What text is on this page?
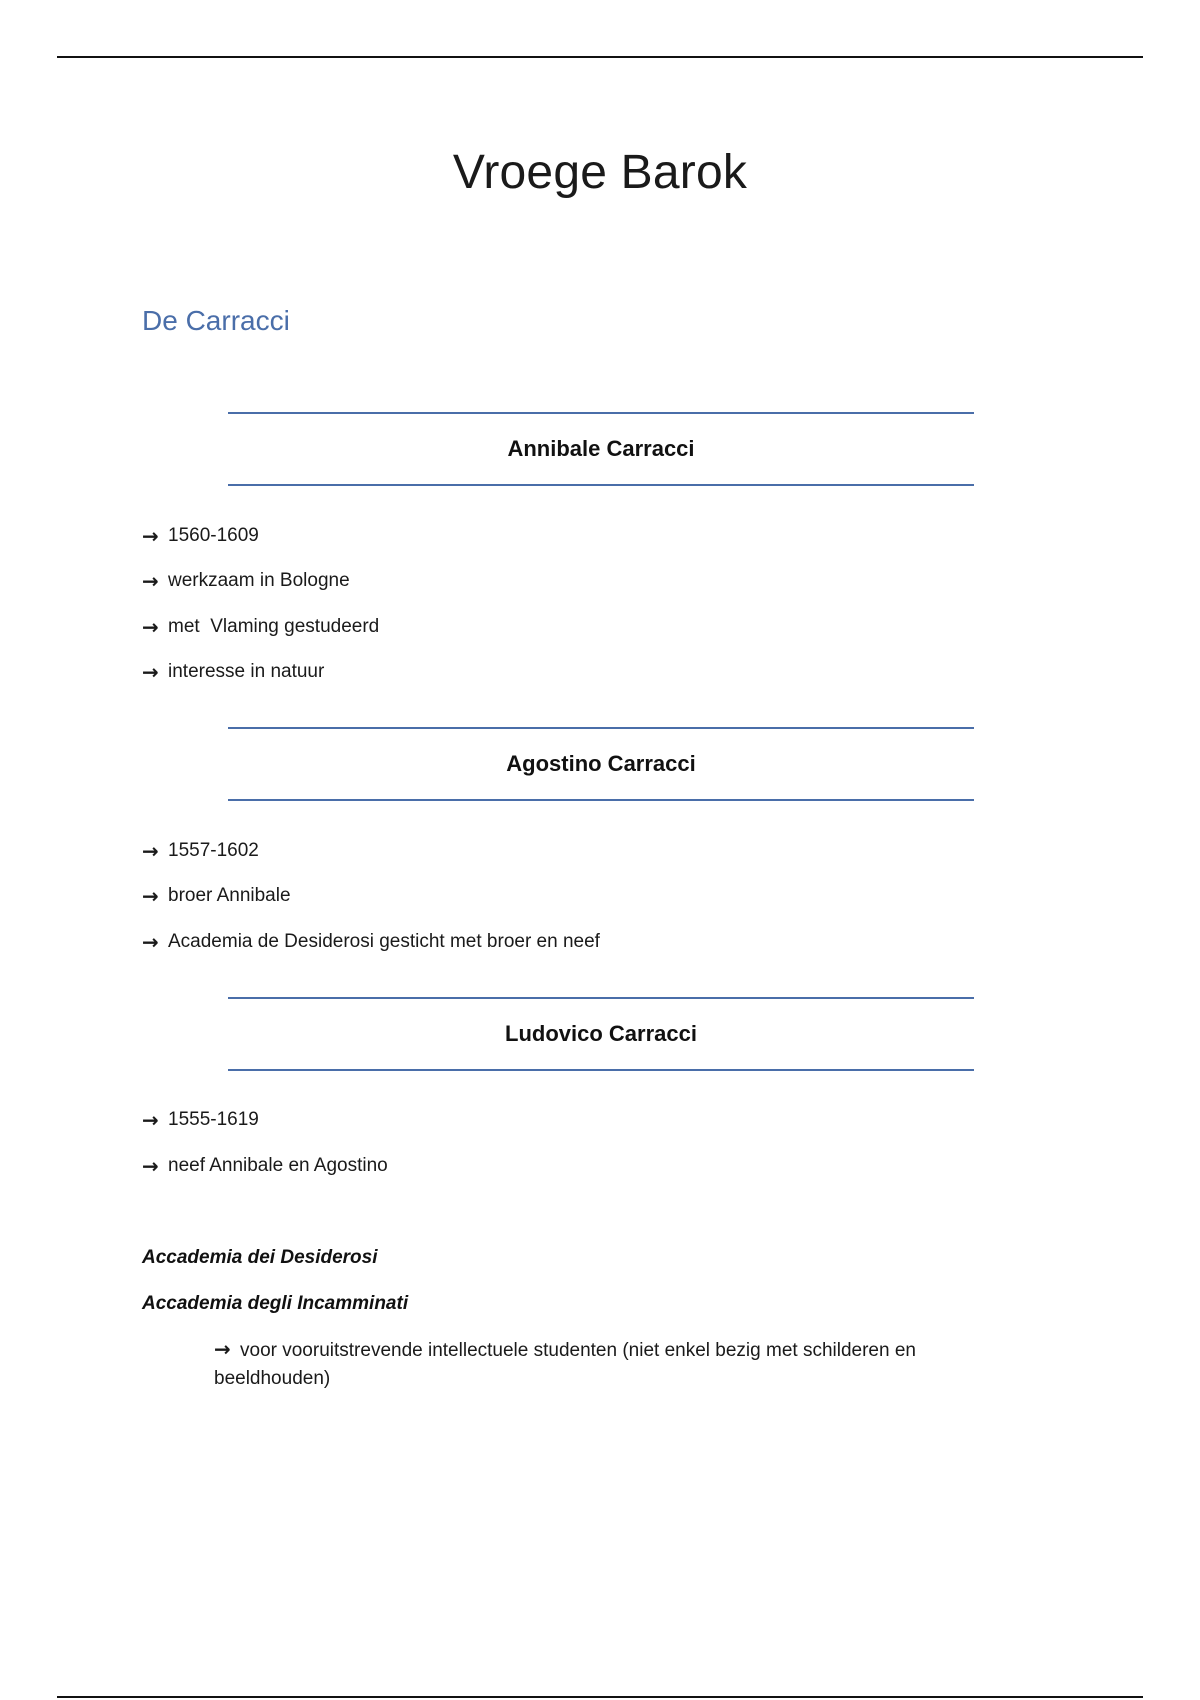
Vroege Barok
De Carracci
Annibale Carracci
→ 1560-1609
→ werkzaam in Bologne
→ met  Vlaming gestudeerd
→ interesse in natuur
Agostino Carracci
→ 1557-1602
→ broer Annibale
→ Academia de Desiderosi gesticht met broer en neef
Ludovico Carracci
→ 1555-1619
→ neef Annibale en Agostino
Accademia dei Desiderosi
Accademia degli Incamminati
→ voor vooruitstrevende intellectuele studenten (niet enkel bezig met schilderen en beeldhouden)
